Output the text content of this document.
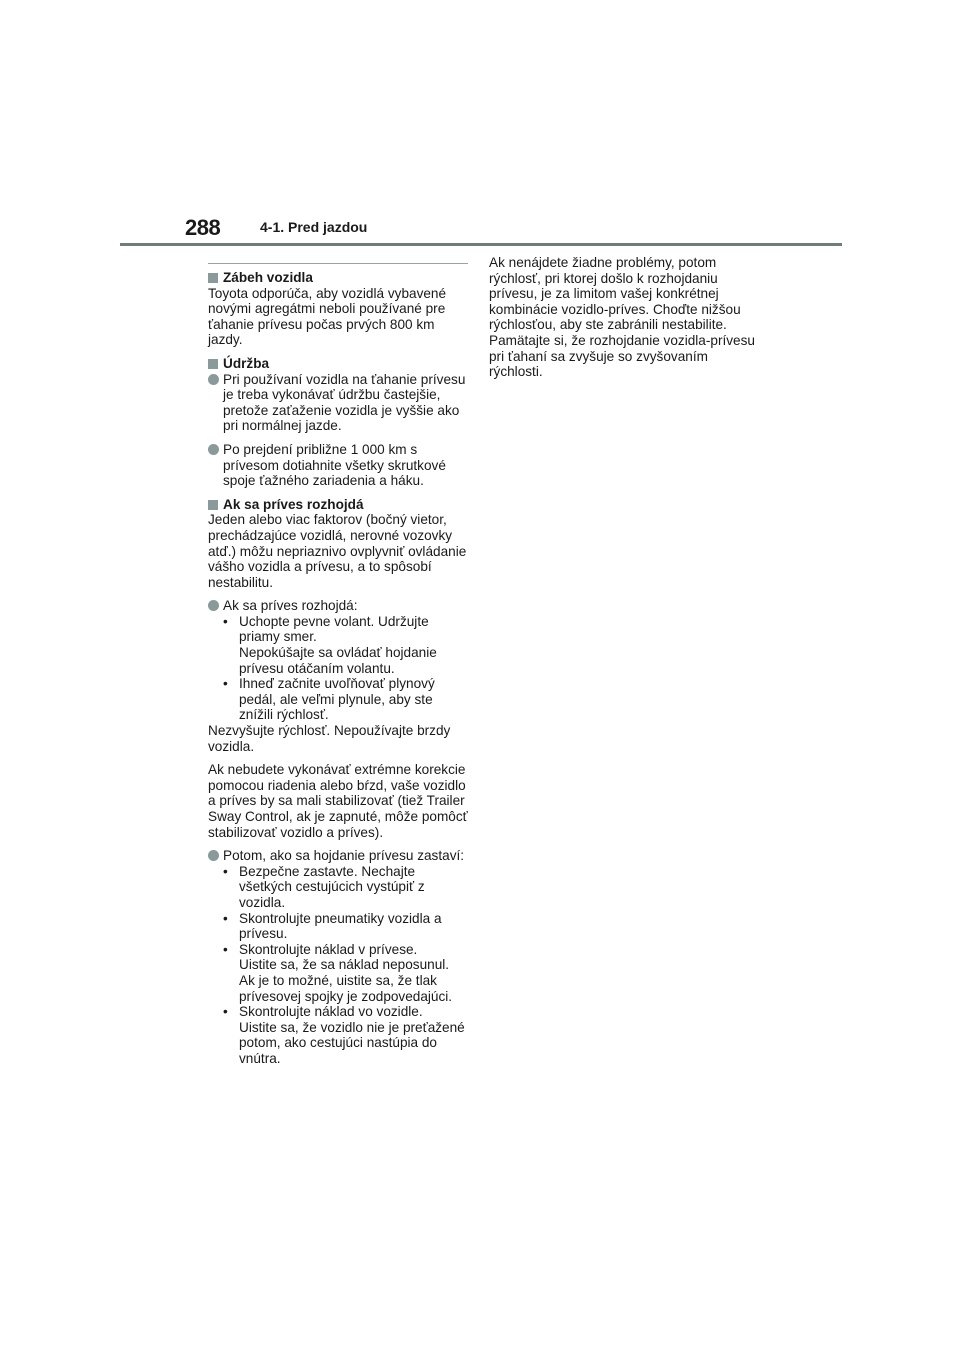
288	4-1. Pred jazdou
Zábeh vozidla

Toyota odporúča, aby vozidlá vybavené novými agregátmi neboli používané pre ťahanie prívesu počas prvých 800 km jazdy.

Údržba
Pri používaní vozidla na ťahanie prívesu je treba vykonávať údržbu častejšie, pretože zaťaženie vozidla je vyššie ako pri normálnej jazde.
Po prejdení približne 1 000 km s prívesom dotiahnite všetky skrutkové spoje ťažného zariadenia a háku.
Ak sa príves rozhojdá

Jeden alebo viac faktorov (bočný vietor, prechádzajúce vozidlá, nerovné vozovky atď.) môžu nepriaznivo ovplyvniť ovládanie vášho vozidla a prívesu, a to spôsobí nestabilitu.

Ak sa príves rozhojdá:
• Uchopte pevne volant. Udržujte priamy smer.
Nepokúšajte sa ovládať hojdanie prívesu otáčaním volantu.
• Ihneď začnite uvoľňovať plynový pedál, ale veľmi plynule, aby ste znížili rýchlosť.

Nezvyšujte rýchlosť. Nepoužívajte brzdy vozidla.

Ak nebudete vykonávať extrémne korekcie pomocou riadenia alebo bŕzd, vaše vozidlo a príves by sa mali stabilizovať (tiež Trailer Sway Control, ak je zapnuté, môže pomôcť stabilizovať vozidlo a príves).

Potom, ako sa hojdanie prívesu zastaví:
• Bezpečne zastavte. Nechajte všetkých cestujúcich vystúpiť z vozidla.
• Skontrolujte pneumatiky vozidla a prívesu.
• Skontrolujte náklad v prívese.
Uistite sa, že sa náklad neposunul.
Ak je to možné, uistite sa, že tlak prívesovej spojky je zodpovedajúci.
• Skontrolujte náklad vo vozidle.
Uistite sa, že vozidlo nie je preťažené potom, ako cestujúci nastúpia do vnútra.

Ak nenájdete žiadne problémy, potom rýchlosť, pri ktorej došlo k rozhojdaniu prívesu, je za limitom vašej konkrétnej kombinácie vozidlo-príves. Choďte nižšou rýchlosťou, aby ste zabránili nestabilite. Pamätajte si, že rozhojdanie vozidla-prívesu pri ťahaní sa zvyšuje so zvyšovaním rýchlosti.
